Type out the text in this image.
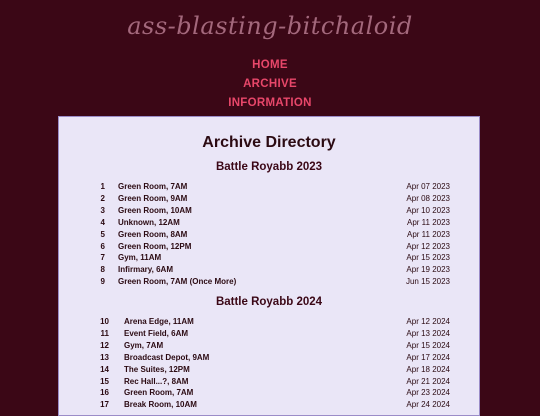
ass-blasting-bitchaloid
HOME
ARCHIVE
INFORMATION
Archive Directory
Battle Royabb 2023
1 Green Room, 7AM	Apr 07 2023
2 Green Room, 9AM	Apr 08 2023
3 Green Room, 10AM	Apr 10 2023
4 Unknown, 12AM	Apr 11 2023
5 Green Room, 8AM	Apr 11 2023
6 Green Room, 12PM	Apr 12 2023
7 Gym, 11AM	Apr 15 2023
8 Infirmary, 6AM	Apr 19 2023
9 Green Room, 7AM (Once More)	Jun 15 2023
Battle Royabb 2024
10 Arena Edge, 11AM	Apr 12 2024
11 Event Field, 6AM	Apr 13 2024
12 Gym, 7AM	Apr 15 2024
13 Broadcast Depot, 9AM	Apr 17 2024
14 The Suites, 12PM	Apr 18 2024
15 Rec Hall...?, 8AM	Apr 21 2024
16 Green Room, 7AM	Apr 23 2024
17 Break Room, 10AM	Apr 24 2024
